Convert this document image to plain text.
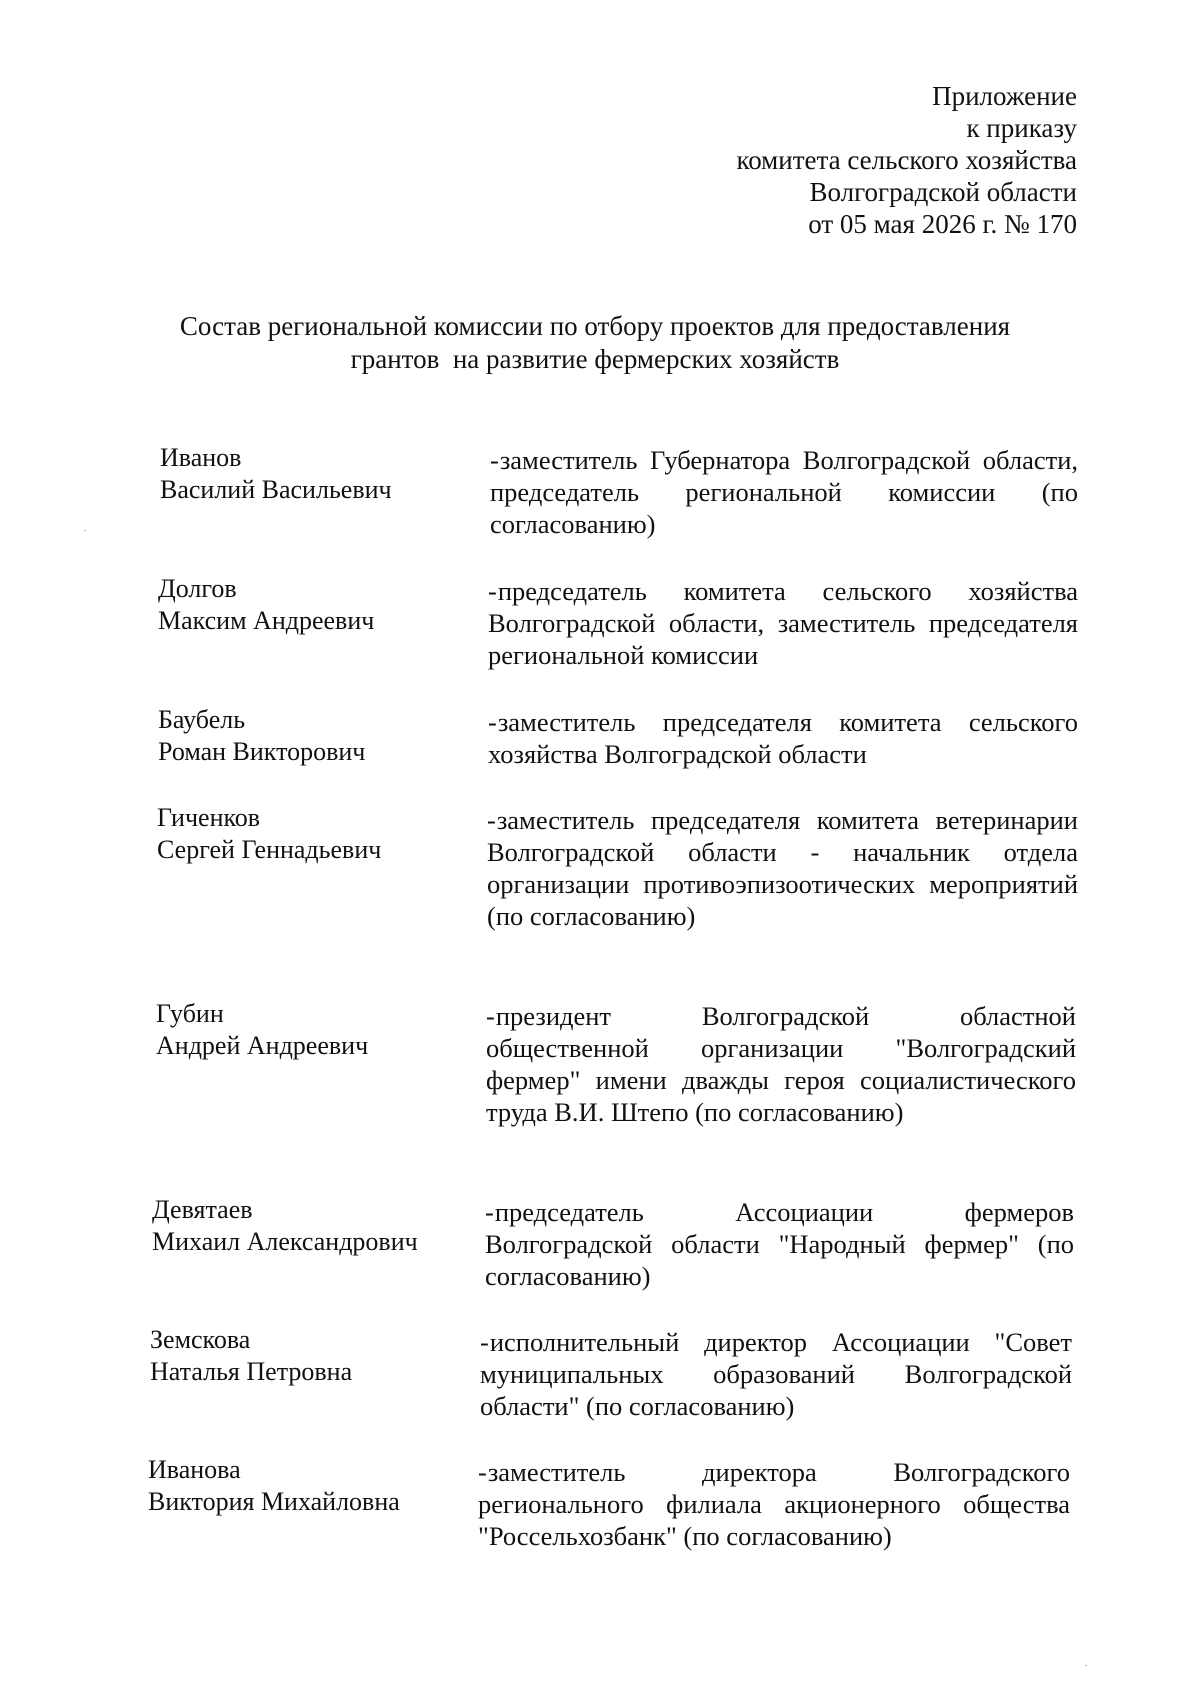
Приложение
к приказу
комитета сельского хозяйства
Волгоградской области
от 05 мая 2026 г. № 170
Состав региональной комиссии по отбору проектов для предоставления
грантов  на развитие фермерских хозяйств
Иванов
Василий Васильевич
-заместитель Губернатора Волгоградской области, председатель региональной комиссии (по согласованию)
Долгов
Максим Андреевич
-председатель комитета сельского хозяйства Волгоградской области, заместитель председателя региональной комиссии
Баубель
Роман Викторович
-заместитель председателя комитета сельского хозяйства Волгоградской области
Гиченков
Сергей Геннадьевич
-заместитель председателя комитета ветеринарии Волгоградской области - начальник отдела организации противоэпизоотических мероприятий (по согласованию)
Губин
Андрей Андреевич
-президент Волгоградской областной общественной организации "Волгоградский фермер" имени дважды героя социалистического труда В.И. Штепо (по согласованию)
Девятаев
Михаил Александрович
-председатель Ассоциации фермеров Волгоградской области "Народный фермер" (по согласованию)
Земскова
Наталья Петровна
-исполнительный директор Ассоциации "Совет муниципальных образований Волгоградской области" (по согласованию)
Иванова
Виктория Михайловна
-заместитель директора Волгоградского регионального филиала акционерного общества "Россельхозбанк" (по согласованию)
